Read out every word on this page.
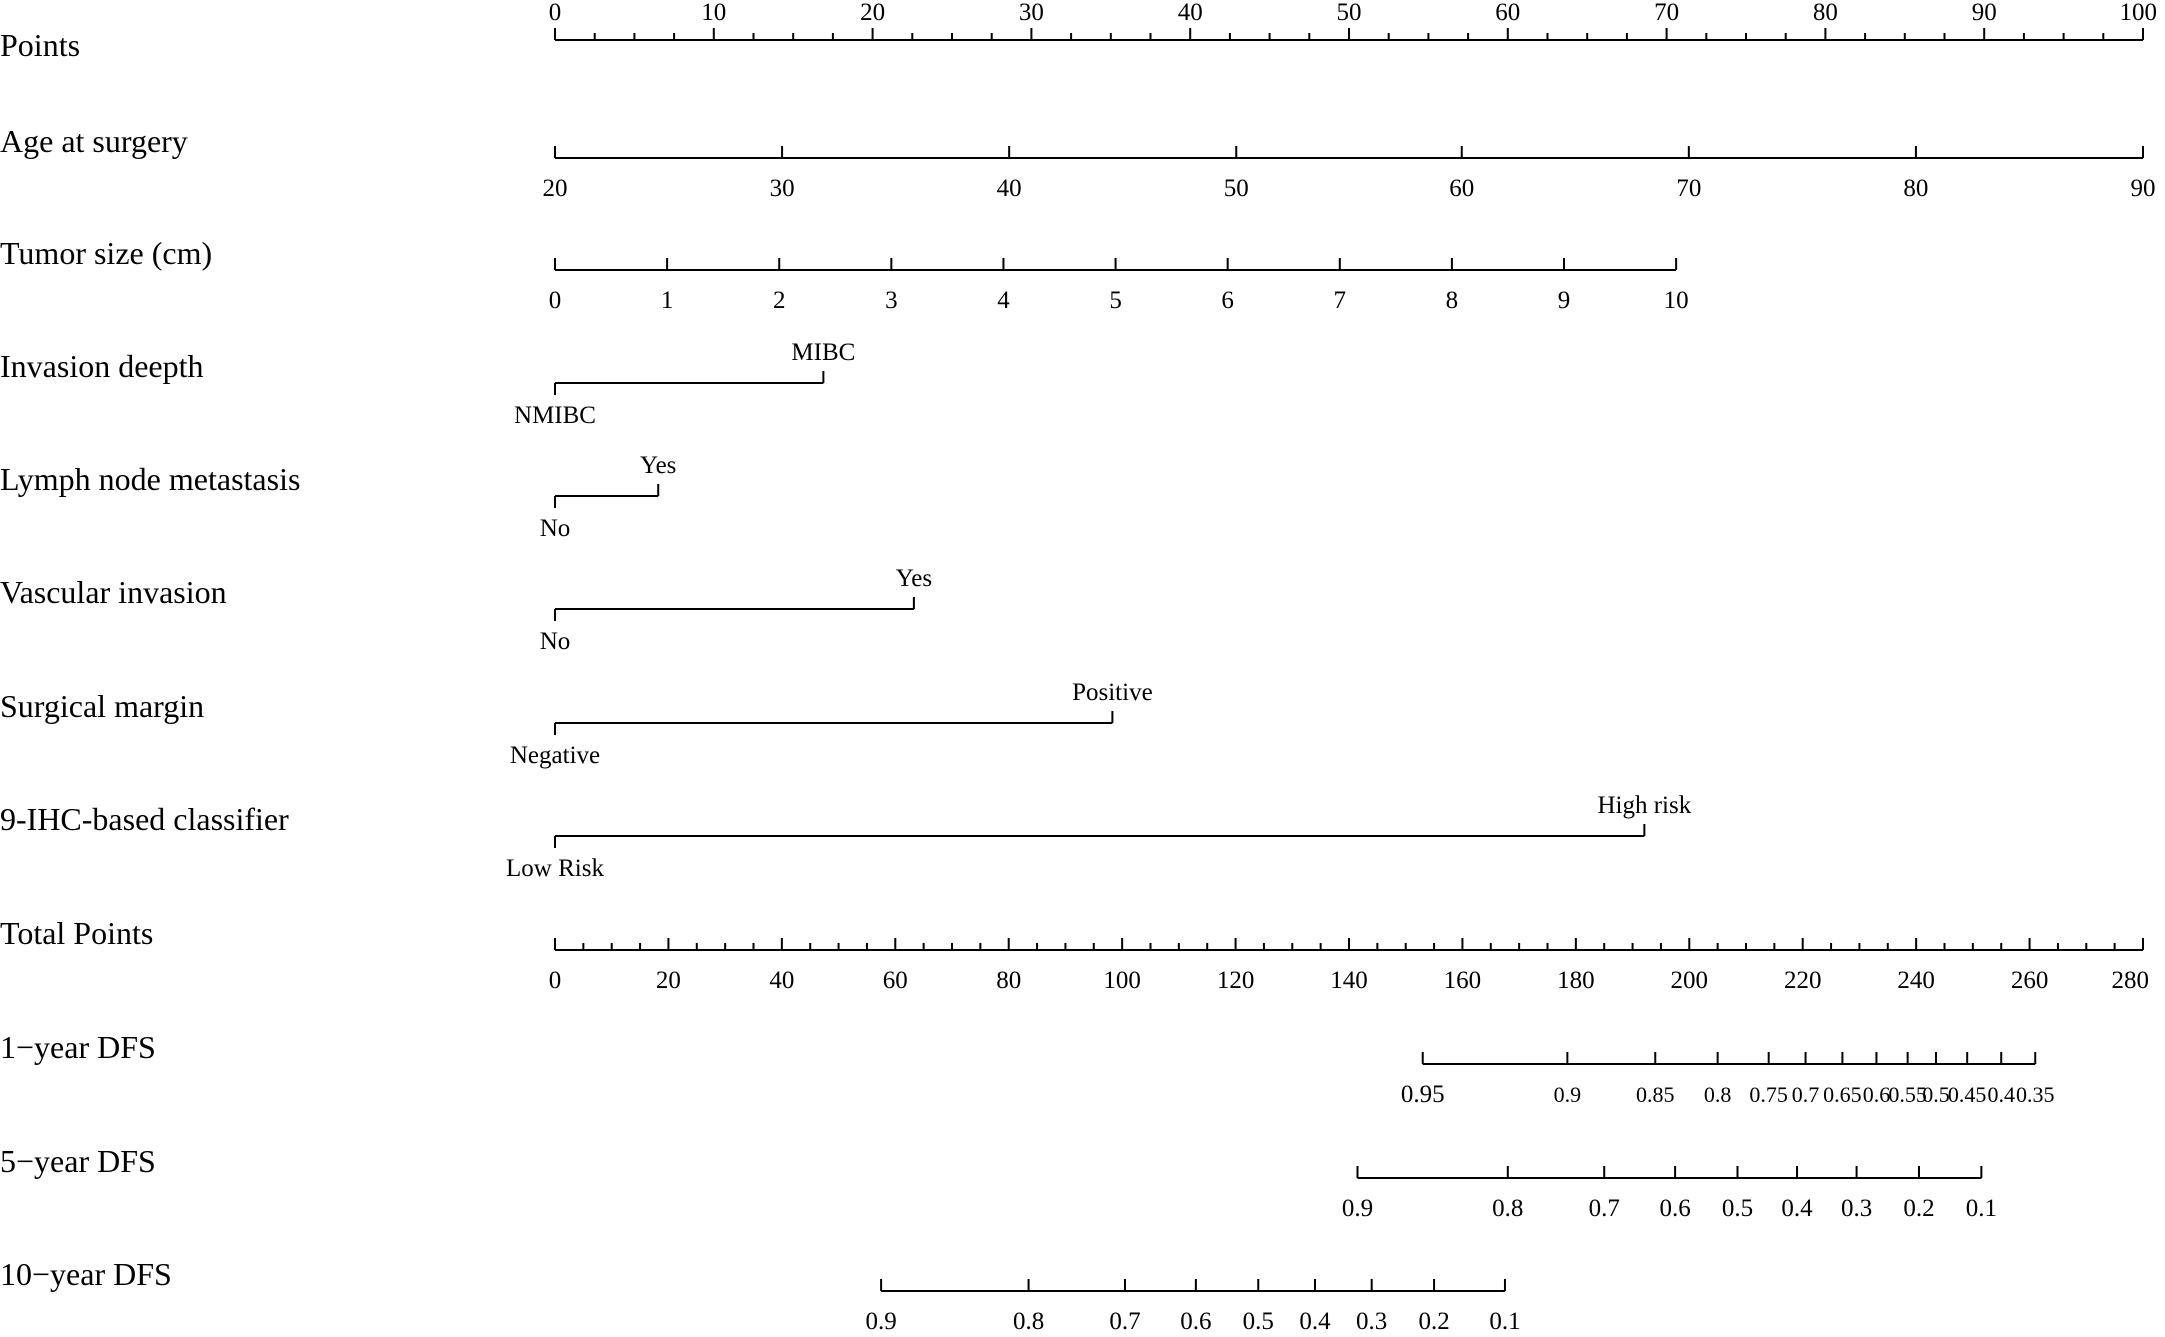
Points
0	10	20	30	40	50	60	70	80	90	100
Age at surgery
20	30	40	50	60	70	80	90
Tumor size (cm)
0	1	2	3	4	5	6	7	8	9	10
Invasion deepth
NMIBC
MIBC
Lymph node metastasis
No
Yes
Vascular invasion
No
Yes
Surgical margin
Negative
Positive
9-IHC-based classifier
Low Risk
High risk
Total Points
0	20	40	60	80	100	120	140	160	180	200	220	240	260	280
1−year DFS
0.95	0.9 0.85 0.8 0.75 0.7 0.65 0.6
0.55
0.5
0.45 0.4 0.35
5−year DFS
0.9	0.8	0.7 0.6 0.5 0.4 0.3 0.2 0.1
10−year DFS
0.9	0.8	0.7 0.6 0.5 0.4 0.3 0.2 0.1
